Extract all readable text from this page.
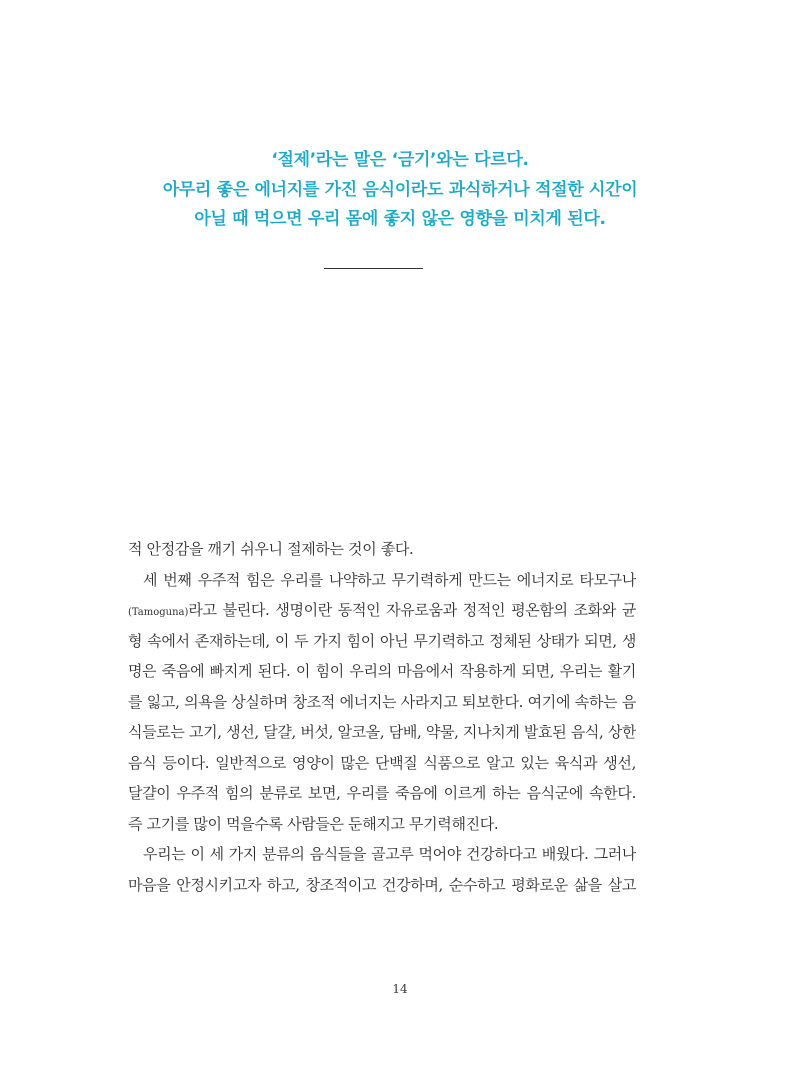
‘절제’라는 말은 ‘금기’와는 다르다.
아무리 좋은 에너지를 가진 음식이라도 과식하거나 적절한 시간이
아닐 때 먹으면 우리 몸에 좋지 않은 영향을 미치게 된다.
적 안정감을 깨기 쉬우니 절제하는 것이 좋다.
세 번째 우주적 힘은 우리를 나약하고 무기력하게 만드는 에너지로 타모구나
(Tamoguna)라고 불린다. 생명이란 동적인 자유로움과 정적인 평온함의 조화와 균
형 속에서 존재하는데, 이 두 가지 힘이 아닌 무기력하고 정체된 상태가 되면, 생
명은 죽음에 빠지게 된다. 이 힘이 우리의 마음에서 작용하게 되면, 우리는 활기
를 잃고, 의욕을 상실하며 창조적 에너지는 사라지고 퇴보한다. 여기에 속하는 음
식들로는 고기, 생선, 달걀, 버섯, 알코올, 담배, 약물, 지나치게 발효된 음식, 상한
음식 등이다. 일반적으로 영양이 많은 단백질 식품으로 알고 있는 육식과 생선,
달걀이 우주적 힘의 분류로 보면, 우리를 죽음에 이르게 하는 음식군에 속한다.
즉 고기를 많이 먹을수록 사람들은 둔해지고 무기력해진다.
우리는 이 세 가지 분류의 음식들을 골고루 먹어야 건강하다고 배웠다. 그러나
마음을 안정시키고자 하고, 창조적이고 건강하며, 순수하고 평화로운 삶을 살고
14
